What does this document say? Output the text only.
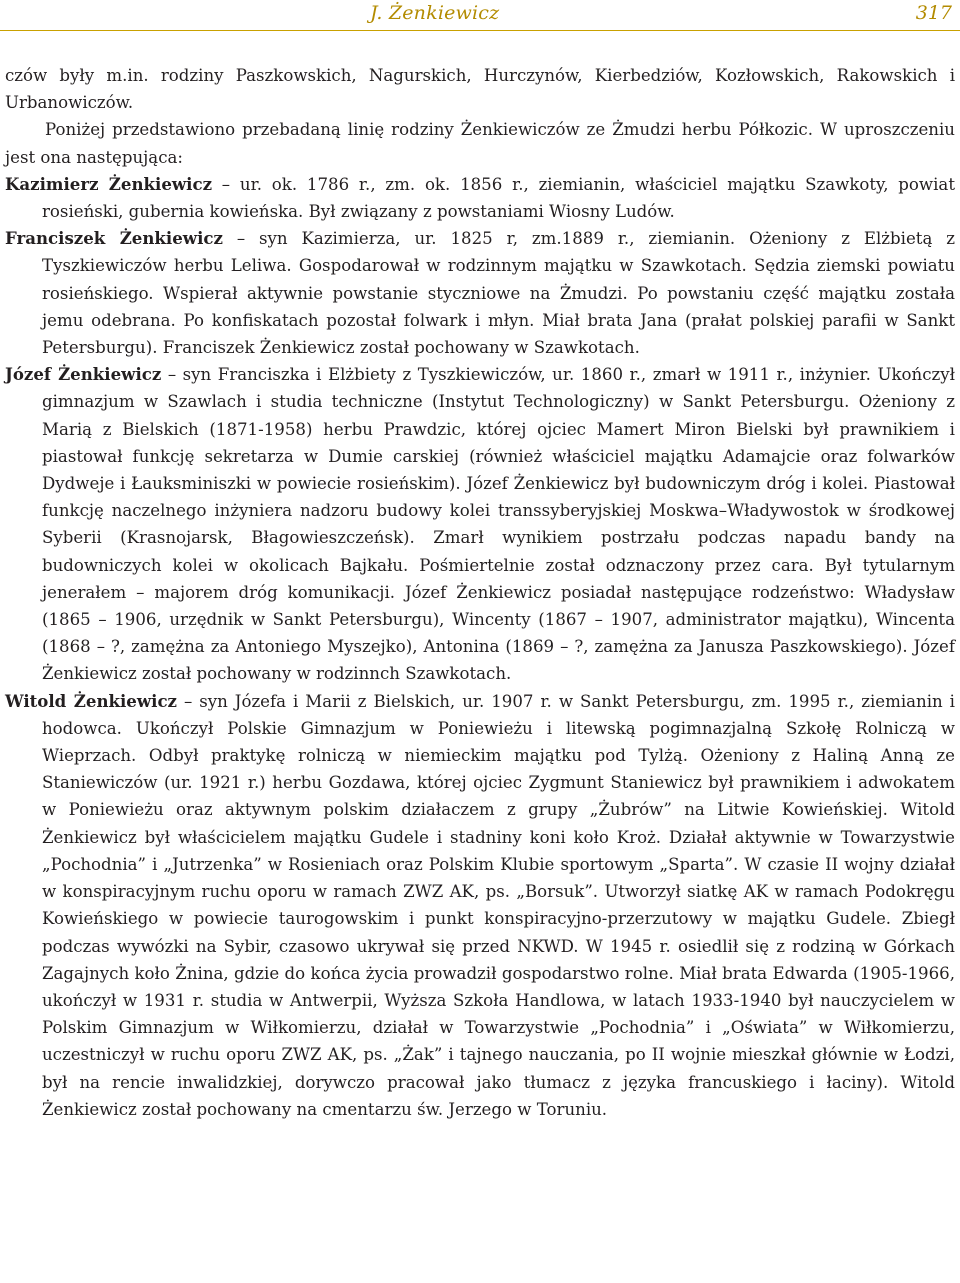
J. Żenkiewicz	317

czów były m.in. rodziny Paszkowskich, Nagurskich, Hurczynów, Kierbedziów, Kozłowskich, Rakowskich i Urbanowiczów.

Poniżej przedstawiono przebadaną linię rodziny Żenkiewiczów ze Żmudzi herbu Półkozic. W uproszczeniu jest ona następująca:

Kazimierz Żenkiewicz – ur. ok. 1786 r., zm. ok. 1856 r., ziemianin, właściciel majątku Szawkoty, powiat rosieński, gubernia kowieńska. Był związany z powstaniami Wiosny Ludów.

Franciszek Żenkiewicz – syn Kazimierza, ur. 1825 r, zm.1889 r., ziemianin. Ożeniony z Elżbietą z Tyszkiewiczów herbu Leliwa. Gospodarował w rodzinnym majątku w Szawkotach. Sędzia ziemski powiatu rosieńskiego. Wspierał aktywnie powstanie styczniowe na Żmudzi. Po powstaniu część majątku została jemu odebrana. Po konfiskatach pozostał folwark i młyn. Miał brata Jana (prałat polskiej parafii w Sankt Petersburgu). Franciszek Żenkiewicz został pochowany w Szawkotach.

Józef Żenkiewicz – syn Franciszka i Elżbiety z Tyszkiewiczów, ur. 1860 r., zmarł w 1911 r., inżynier. Ukończył gimnazjum w Szawlach i studia techniczne (Instytut Technologiczny) w Sankt Petersburgu. Ożeniony z Marią z Bielskich (1871-1958) herbu Prawdzic, której ojciec Mamert Miron Bielski był prawnikiem i piastował funkcję sekretarza w Dumie carskiej (również właściciel majątku Adamajcie oraz folwarków Dydweje i Łauksminiszki w powiecie rosieńskim). Józef Żenkiewicz był budowniczym dróg i kolei. Piastował funkcję naczelnego inżyniera nadzoru budowy kolei transsyberyjskiej Moskwa–Władywostok w środkowej Syberii (Krasnojarsk, Błagowieszczeńsk). Zmarł wynikiem postrzału podczas napadu bandy na budowniczych kolei w okolicach Bajkału. Pośmiertelnie został odznaczony przez cara. Był tytularnym jenerałem – majorem dróg komunikacji. Józef Żenkiewicz posiadał następujące rodzeństwo: Władysław (1865 – 1906, urzędnik w Sankt Petersburgu), Wincenty (1867 – 1907, administrator majątku), Wincenta (1868 – ?, zamężna za Antoniego Myszejko), Antonina (1869 – ?, zamężna za Janusza Paszkowskiego). Józef Żenkiewicz został pochowany w rodzinnch Szawkotach.

Witold Żenkiewicz – syn Józefa i Marii z Bielskich, ur. 1907 r. w Sankt Petersburgu, zm. 1995 r., ziemianin i hodowca. Ukończył Polskie Gimnazjum w Poniewieżu i litewską pogimnazjalną Szkołę Rolniczą w Wieprzach. Odbył praktykę rolniczą w niemieckim majątku pod Tylżą. Ożeniony z Haliną Anną ze Staniewiczów (ur. 1921 r.) herbu Gozdawa, której ojciec Zygmunt Staniewicz był prawnikiem i adwokatem w Poniewieżu oraz aktywnym polskim działaczem z grupy „Żubrów” na Litwie Kowieńskiej. Witold Żenkiewicz był właścicielem majątku Gudele i stadniny koni koło Kroż. Działał aktywnie w Towarzystwie „Pochodnia” i „Jutrzenka” w Rosieniach oraz Polskim Klubie sportowym „Sparta”. W czasie II wojny działał w konspiracyjnym ruchu oporu w ramach ZWZ AK, ps. „Borsuk”. Utworzył siatkę AK w ramach Podokręgu Kowieńskiego w powiecie taurogowskim i punkt konspiracyjno-przerzutowy w majątku Gudele. Zbiegł podczas wywózki na Sybir, czasowo ukrywał się przed NKWD. W 1945 r. osiedlił się z rodziną w Górkach Zagajnych koło Żnina, gdzie do końca życia prowadził gospodarstwo rolne. Miał brata Edwarda (1905-1966, ukończył w 1931 r. studia w Antwerpii, Wyższa Szkoła Handlowa, w latach 1933-1940 był nauczycielem w Polskim Gimnazjum w Wiłkomierzu, działał w Towarzystwie „Pochodnia” i „Oświata” w Wiłkomierzu, uczestniczył w ruchu oporu ZWZ AK, ps. „Żak” i tajnego nauczania, po II wojnie mieszkał głównie w Łodzi, był na rencie inwalidzkiej, dorywczo pracował jako tłumacz z języka francuskiego i łaciny). Witold Żenkiewicz został pochowany na cmentarzu św. Jerzego w Toruniu.
